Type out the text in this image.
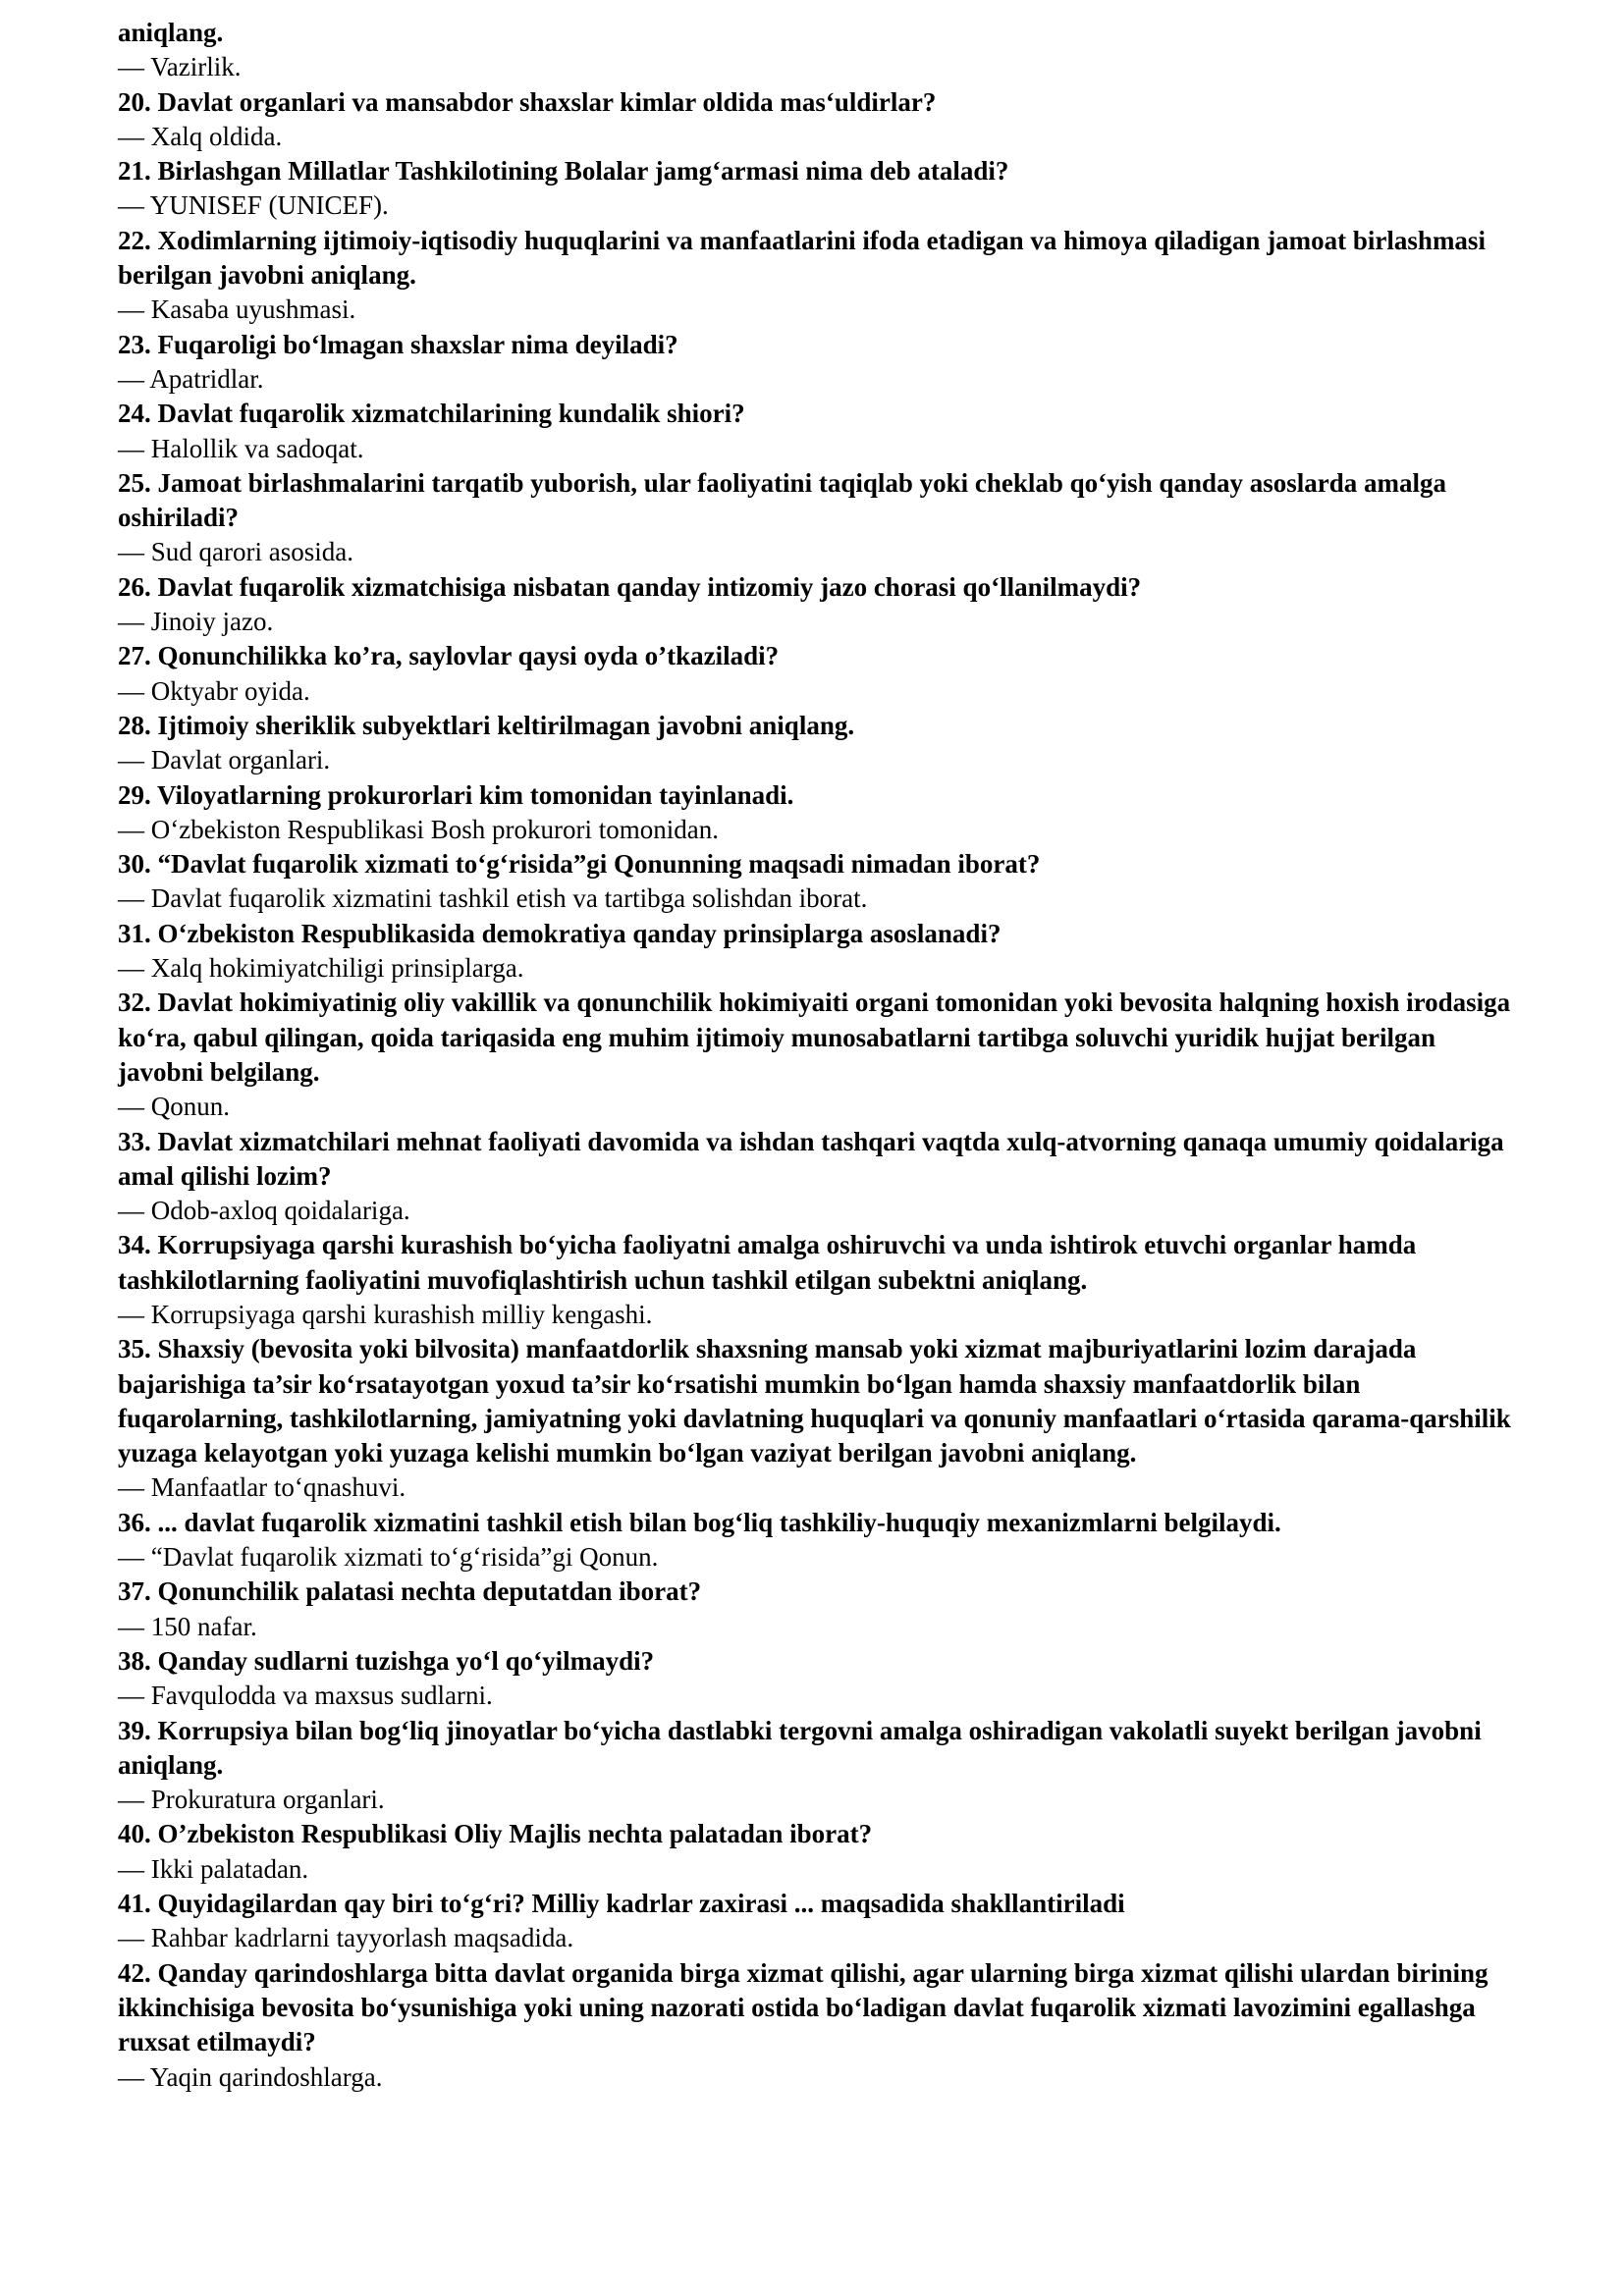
aniqlang.

— Vazirlik.

20. Davlat organlari va mansabdor shaxslar kimlar oldida mas‘uldirlar?

— Xalq oldida.

21. Birlashgan Millatlar Tashkilotining Bolalar jamg‘armasi nima deb ataladi?

— YUNISEF (UNICEF).

22. Xodimlarning ijtimoiy-iqtisodiy huquqlarini va manfaatlarini ifoda etadigan va himoya qiladigan jamoat birlashmasi berilgan javobni aniqlang.

— Kasaba uyushmasi.

23. Fuqaroligi bo‘lmagan shaxslar nima deyiladi?

— Apatridlar.

24. Davlat fuqarolik xizmatchilarining kundalik shiori?

— Halollik va sadoqat.

25. Jamoat birlashmalarini tarqatib yuborish, ular faoliyatini taqiqlab yoki cheklab qo‘yish qanday asoslarda amalga oshiriladi?

— Sud qarori asosida.

26. Davlat fuqarolik xizmatchisiga nisbatan qanday intizomiy jazo chorasi qo‘llanilmaydi?

— Jinoiy jazo.

27. Qonunchilikka ko’ra, saylovlar qaysi oyda o’tkaziladi?

— Oktyabr oyida.

28. Ijtimoiy sheriklik subyektlari keltirilmagan javobni aniqlang.

— Davlat organlari.

29. Viloyatlarning prokurorlari kim tomonidan tayinlanadi.

— O‘zbekiston Respublikasi Bosh prokurori tomonidan.

30. “Davlat fuqarolik xizmati to‘g‘risida”gi Qonunning maqsadi nimadan iborat?

— Davlat fuqarolik xizmatini tashkil etish va tartibga solishdan iborat.

31. O‘zbekiston Respublikasida demokratiya qanday prinsiplarga asoslanadi?

— Xalq hokimiyatchiligi prinsiplarga.

32. Davlat hokimiyatinig oliy vakillik va qonunchilik hokimiyaiti organi tomonidan yoki bevosita halqning hoxish irodasiga ko‘ra, qabul qilingan, qoida tariqasida eng muhim ijtimoiy munosabatlarni tartibga soluvchi yuridik hujjat berilgan javobni belgilang.

— Qonun.

33. Davlat xizmatchilari mehnat faoliyati davomida va ishdan tashqari vaqtda xulq-atvorning qanaqa umumiy qoidalariga amal qilishi lozim?

— Odob-axloq qoidalariga.

34. Korrupsiyaga qarshi kurashish bo‘yicha faoliyatni amalga oshiruvchi va unda ishtirok etuvchi organlar hamda tashkilotlarning faoliyatini muvofiqlashtirish uchun tashkil etilgan subektni aniqlang.

— Korrupsiyaga qarshi kurashish milliy kengashi.

35. Shaxsiy (bevosita yoki bilvosita) manfaatdorlik shaxsning mansab yoki xizmat majburiyatlarini lozim darajada bajarishiga ta’sir ko‘rsatayotgan yoxud ta’sir ko‘rsatishi mumkin bo‘lgan hamda shaxsiy manfaatdorlik bilan fuqarolarning, tashkilotlarning, jamiyatning yoki davlatning huquqlari va qonuniy manfaatlari o‘rtasida qarama-qarshilik yuzaga kelayotgan yoki yuzaga kelishi mumkin bo‘lgan vaziyat berilgan javobni aniqlang.

— Manfaatlar to‘qnashuvi.

36. ... davlat fuqarolik xizmatini tashkil etish bilan bog‘liq tashkiliy-huquqiy mexanizmlarni belgilaydi.

— “Davlat fuqarolik xizmati to‘g‘risida”gi Qonun.

37. Qonunchilik palatasi nechta deputatdan iborat?

— 150 nafar.

38. Qanday sudlarni tuzishga yo‘l qo‘yilmaydi?

— Favqulodda va maxsus sudlarni.

39. Korrupsiya bilan bog‘liq jinoyatlar bo‘yicha dastlabki tergovni amalga oshiradigan vakolatli suyekt berilgan javobni aniqlang.

— Prokuratura organlari.

40. O’zbekiston Respublikasi Oliy Majlis nechta palatadan iborat?

— Ikki palatadan.

41. Quyidagilardan qay biri to‘g‘ri? Milliy kadrlar zaxirasi ... maqsadida shakllantiriladi

— Rahbar kadrlarni tayyorlash maqsadida.

42. Qanday qarindoshlarga bitta davlat organida birga xizmat qilishi, agar ularning birga xizmat qilishi ulardan birining ikkinchisiga bevosita bo‘ysunishiga yoki uning nazorati ostida bo‘ladigan davlat fuqarolik xizmati lavozimini egallashga ruxsat etilmaydi?

— Yaqin qarindoshlarga.
